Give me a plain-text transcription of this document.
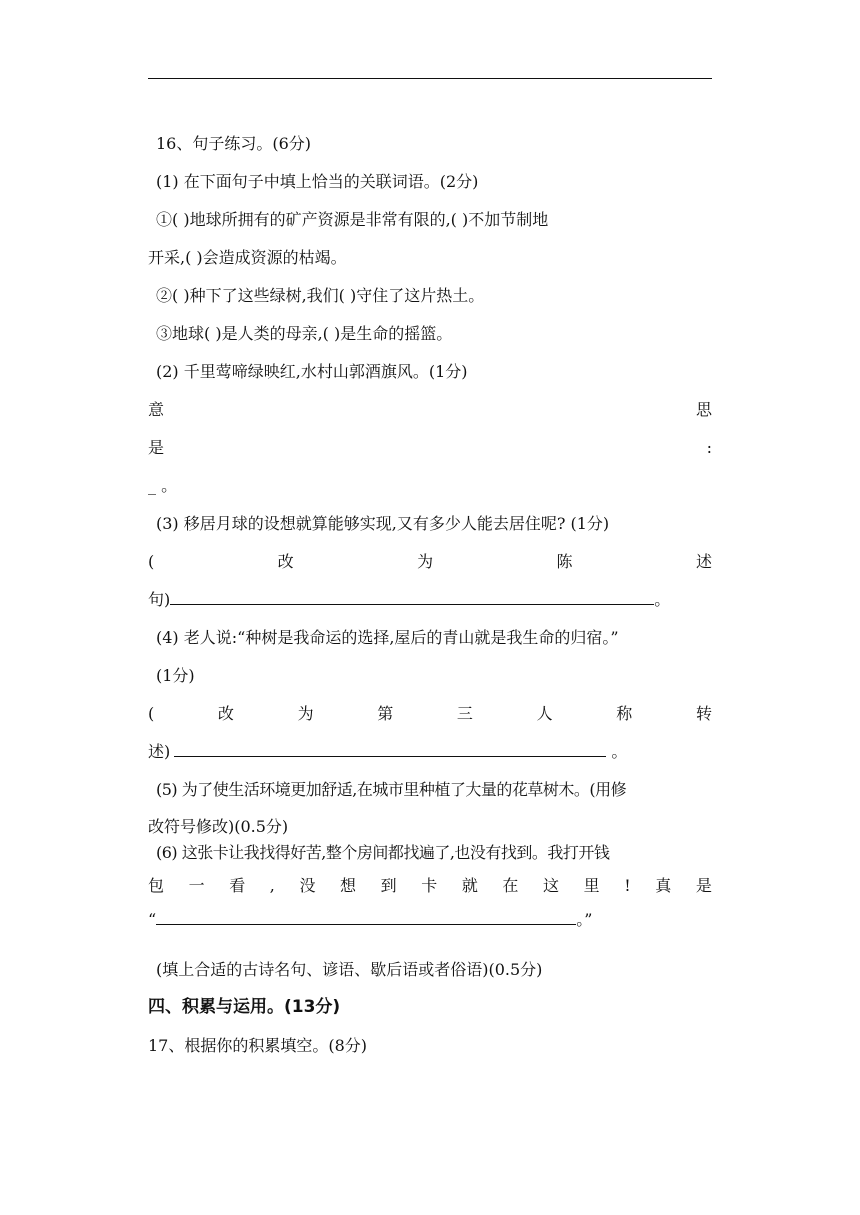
16、句子练习。(6分)
(1) 在下面句子中填上恰当的关联词语。(2分)
①( )地球所拥有的矿产资源是非常有限的,( )不加节制地
开采,( )会造成资源的枯竭。
②( )种下了这些绿树,我们( )守住了这片热土。
③地球( )是人类的母亲,( )是生命的摇篮。
(2) 千里莺啼绿映红,水村山郭酒旗风。(1分)
意	思
是	:
_ 。
(3) 移居月球的设想就算能够实现,又有多少人能去居住呢? (1分)
(	改	为	陈	述
句)	。
(4) 老人说:“种树是我命运的选择,屋后的青山就是我生命的归宿。”
(1分)
(	改	为	第	三	人	称	转
述)	。
(5) 为了使生活环境更加舒适,在城市里种植了大量的花草树木。(用修
改符号修改)(0.5分)
(6) 这张卡让我找得好苦,整个房间都找遍了,也没有找到。我打开钱
包 一 看 , 没 想 到 卡 就 在 这 里 ! 真 是
“	。”
(填上合适的古诗名句、谚语、歇后语或者俗语)(0.5分)
四、积累与运用。(13分)
17、根据你的积累填空。(8分)
